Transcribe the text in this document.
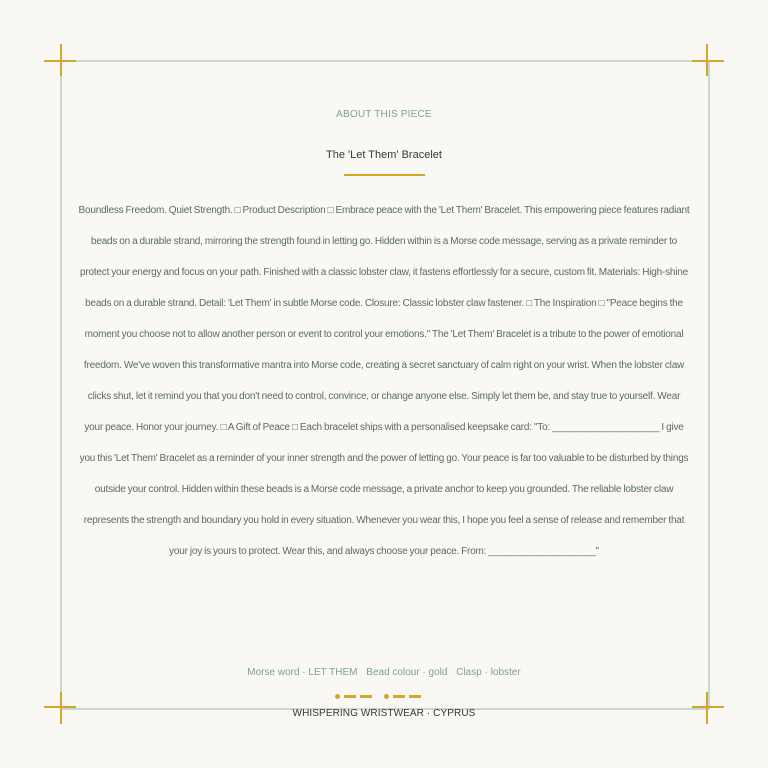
ABOUT THIS PIECE
The 'Let Them' Bracelet
Boundless Freedom. Quiet Strength. □ Product Description □ Embrace peace with the 'Let Them' Bracelet. This empowering piece features radiant beads on a durable strand, mirroring the strength found in letting go. Hidden within is a Morse code message, serving as a private reminder to protect your energy and focus on your path. Finished with a classic lobster claw, it fastens effortlessly for a secure, custom fit. Materials: High-shine beads on a durable strand. Detail: 'Let Them' in subtle Morse code. Closure: Classic lobster claw fastener. □ The Inspiration □ "Peace begins the moment you choose not to allow another person or event to control your emotions." The 'Let Them' Bracelet is a tribute to the power of emotional freedom. We've woven this transformative mantra into Morse code, creating a secret sanctuary of calm right on your wrist. When the lobster claw clicks shut, let it remind you that you don't need to control, convince, or change anyone else. Simply let them be, and stay true to yourself. Wear your peace. Honor your journey. □ A Gift of Peace □ Each bracelet ships with a personalised keepsake card: "To: ____________________ I give you this 'Let Them' Bracelet as a reminder of your inner strength and the power of letting go. Your peace is far too valuable to be disturbed by things outside your control. Hidden within these beads is a Morse code message, a private anchor to keep you grounded. The reliable lobster claw represents the strength and boundary you hold in every situation. Whenever you wear this, I hope you feel a sense of release and remember that your joy is yours to protect. Wear this, and always choose your peace. From: ____________________"
Morse word · LET THEM Bead colour · gold Clasp · lobster
WHISPERING WRISTWEAR · CYPRUS
